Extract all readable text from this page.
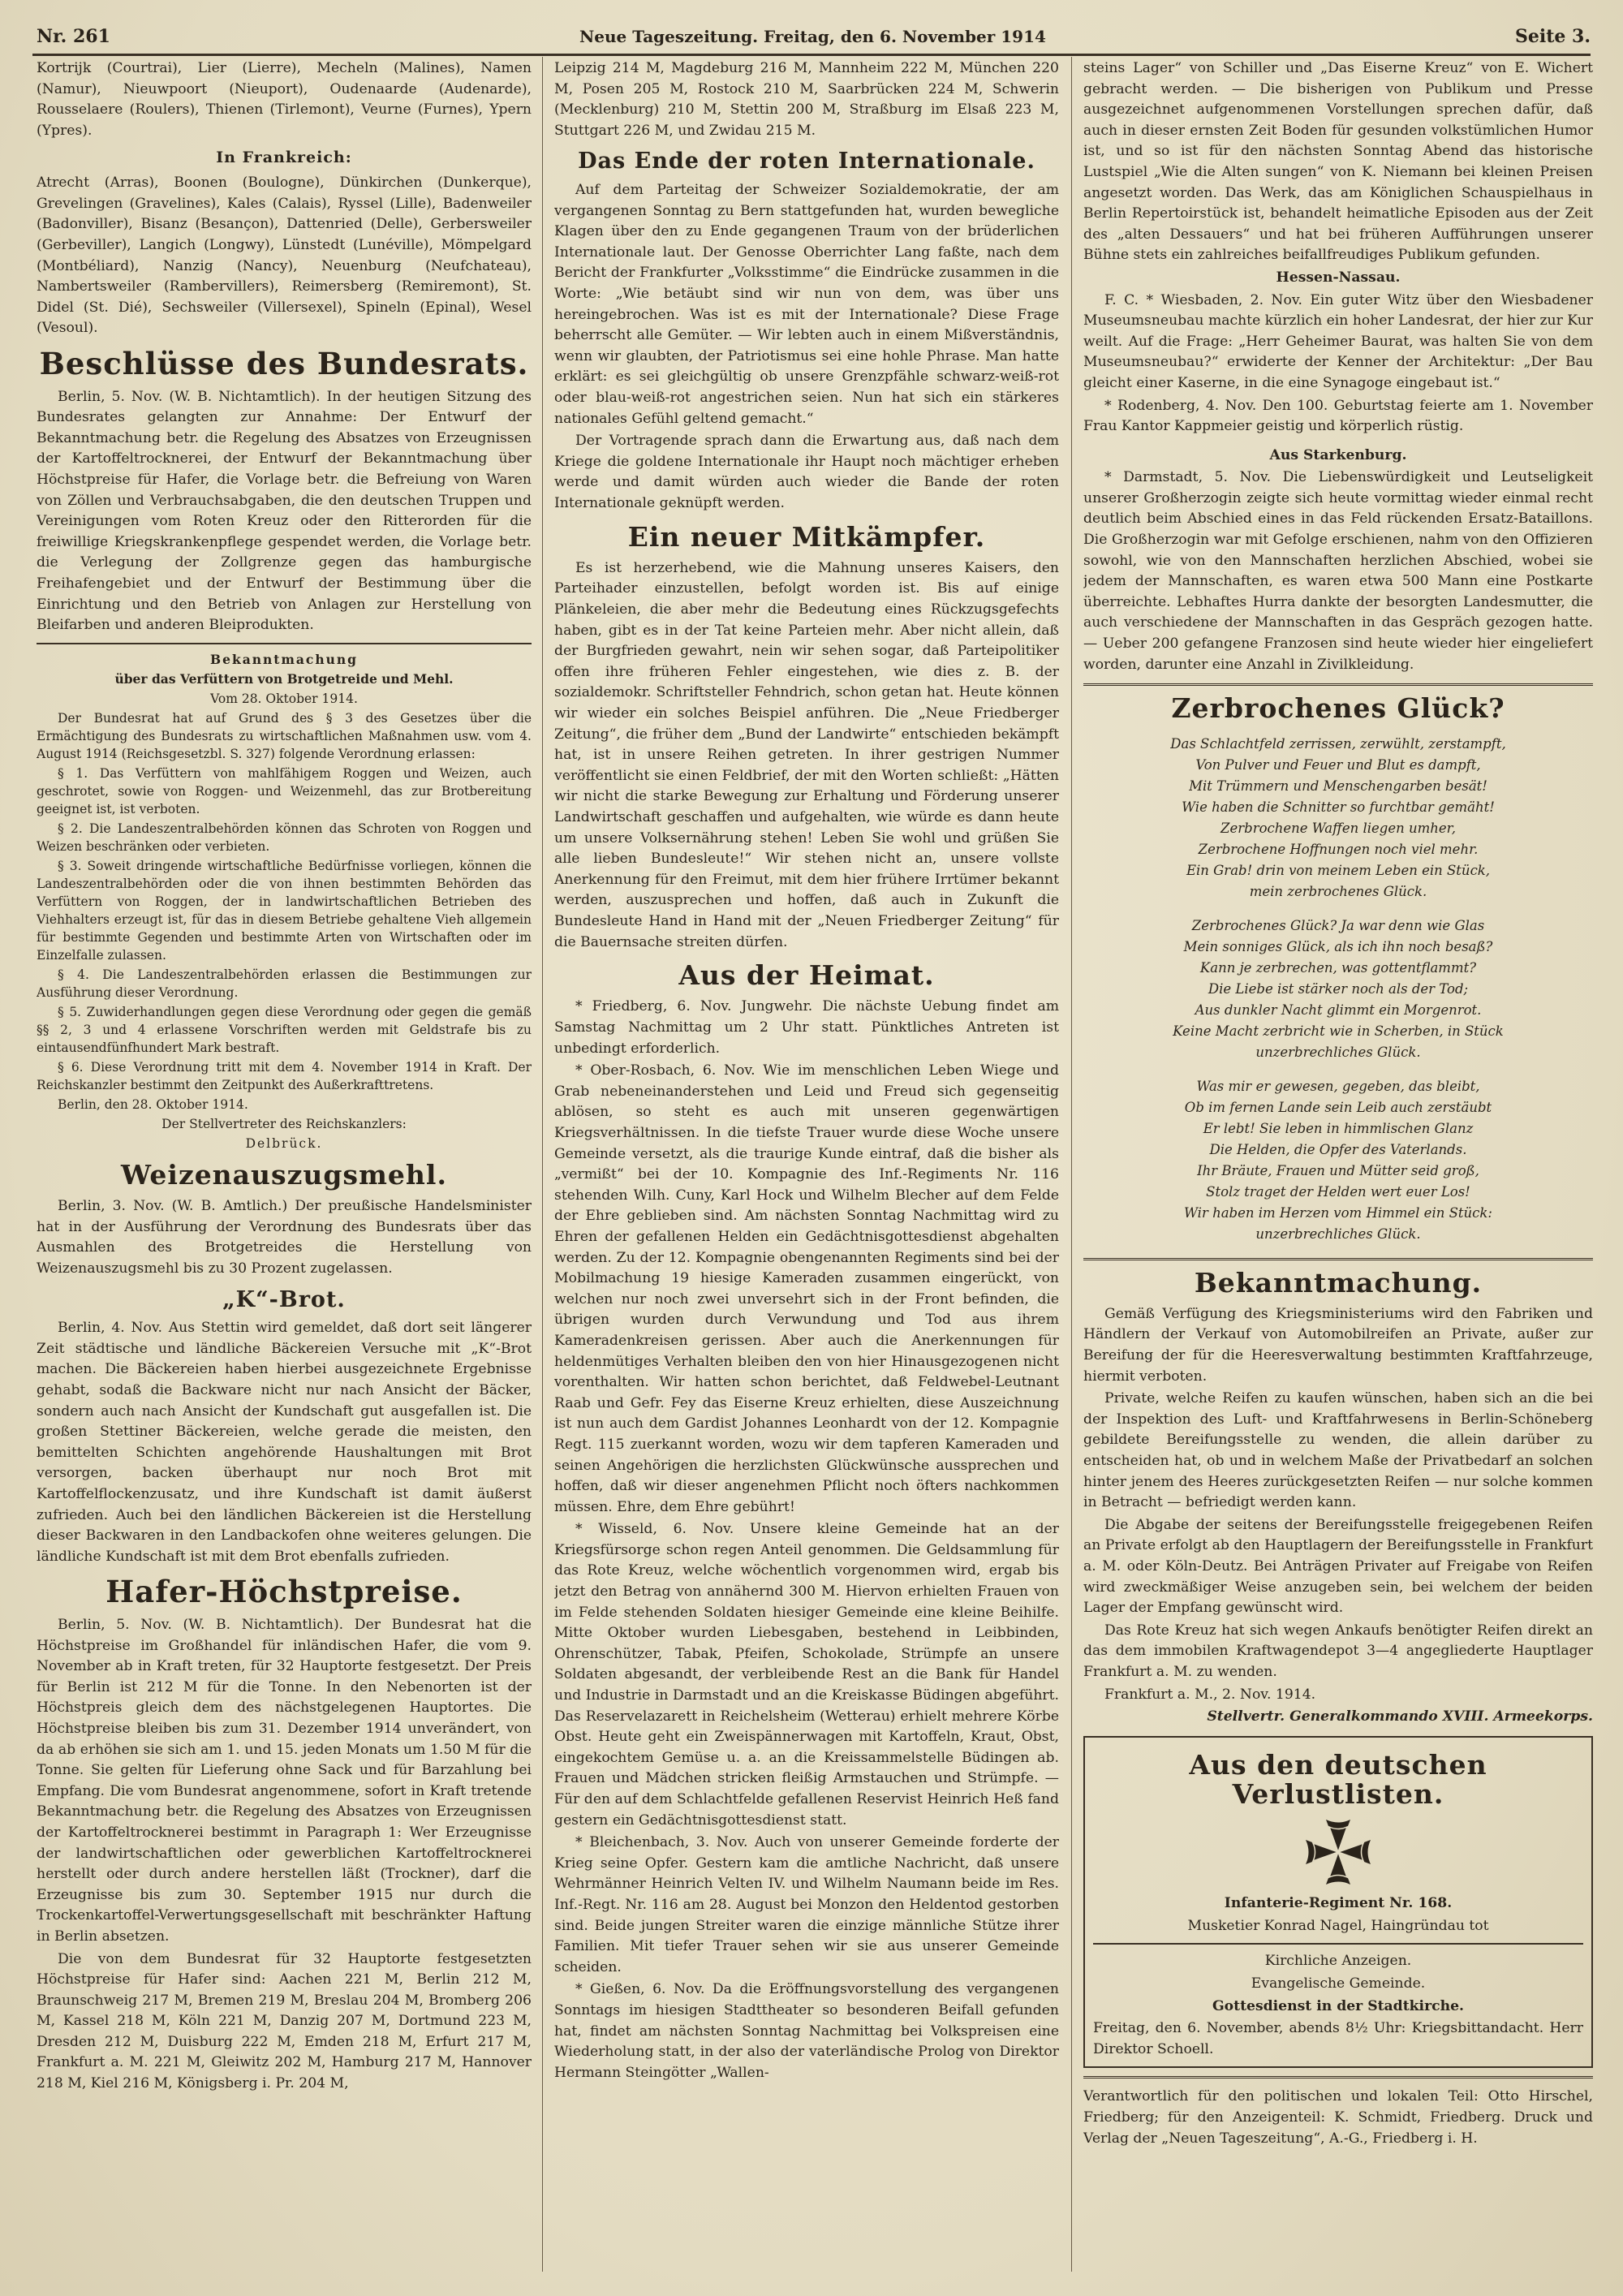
Nr. 261	Neue Tageszeitung. Freitag, den 6. November 1914	Seite 3.

Kortrijk (Courtrai), Lier (Lierre), Mecheln (Malines), Namen (Namur), Nieuwpoort (Nieuport), Oudenaarde (Audenarde), Rousselaere (Roulers), Thienen (Tirlemont), Veurne (Furnes), Ypern (Ypres).

In Frankreich:

Atrecht (Arras), Boonen (Boulogne), Dünkirchen (Dunkerque), Grevelingen (Gravelines), Kales (Calais), Ryssel (Lille), Badenweiler (Badonviller), Bisanz (Besançon), Dattenried (Delle), Gerbersweiler (Gerbeviller), Langich (Longwy), Lünstedt (Lunéville), Mömpelgard (Montbéliard), Nanzig (Nancy), Neuenburg (Neufchateau), Nambertsweiler (Rambervillers), Reimersberg (Remiremont), St. Didel (St. Dié), Sechsweiler (Villersexel), Spineln (Epinal), Wesel (Vesoul).

Beschlüsse des Bundesrats.

Berlin, 5. Nov. (W. B. Nichtamtlich). In der heutigen Sitzung des Bundesrates gelangten zur Annahme: Der Entwurf der Bekanntmachung betr. die Regelung des Absatzes von Erzeugnissen der Kartoffeltrocknerei, der Entwurf der Bekanntmachung über Höchstpreise für Hafer, die Vorlage betr. die Befreiung von Waren von Zöllen und Verbrauchsabgaben, die den deutschen Truppen und Vereinigungen vom Roten Kreuz oder den Ritterorden für die freiwillige Kriegskrankenpflege gespendet werden, die Vorlage betr. die Verlegung der Zollgrenze gegen das hamburgische Freihafengebiet und der Entwurf der Bestimmung über die Einrichtung und den Betrieb von Anlagen zur Herstellung von Bleifarben und anderen Bleiprodukten.

Bekanntmachung

über das Verfüttern von Brotgetreide und Mehl.

Vom 28. Oktober 1914.

Der Bundesrat hat auf Grund des § 3 des Gesetzes über die Ermächtigung des Bundesrats zu wirtschaftlichen Maßnahmen usw. vom 4. August 1914 (Reichsgesetzbl. S. 327) folgende Verordnung erlassen:

§ 1. Das Verfüttern von mahlfähigem Roggen und Weizen, auch geschrotet, sowie von Roggen- und Weizenmehl, das zur Brotbereitung geeignet ist, ist verboten.

§ 2. Die Landeszentralbehörden können das Schroten von Roggen und Weizen beschränken oder verbieten.

§ 3. Soweit dringende wirtschaftliche Bedürfnisse vorliegen, können die Landeszentralbehörden oder die von ihnen bestimmten Behörden das Verfüttern von Roggen, der in landwirtschaftlichen Betrieben des Viehhalters erzeugt ist, für das in diesem Betriebe gehaltene Vieh allgemein für bestimmte Gegenden und bestimmte Arten von Wirtschaften oder im Einzelfalle zulassen.

§ 4. Die Landeszentralbehörden erlassen die Bestimmungen zur Ausführung dieser Verordnung.

§ 5. Zuwiderhandlungen gegen diese Verordnung oder gegen die gemäß §§ 2, 3 und 4 erlassene Vorschriften werden mit Geldstrafe bis zu eintausendfünfhundert Mark bestraft.

§ 6. Diese Verordnung tritt mit dem 4. November 1914 in Kraft. Der Reichskanzler bestimmt den Zeitpunkt des Außerkrafttretens.

Berlin, den 28. Oktober 1914.

Der Stellvertreter des Reichskanzlers:

Delbrück.

Weizenauszugsmehl.

Berlin, 3. Nov. (W. B. Amtlich.) Der preußische Handelsminister hat in der Ausführung der Verordnung des Bundesrats über das Ausmahlen des Brotgetreides die Herstellung von Weizenauszugsmehl bis zu 30 Prozent zugelassen.

„K“-Brot.

Berlin, 4. Nov. Aus Stettin wird gemeldet, daß dort seit längerer Zeit städtische und ländliche Bäckereien Versuche mit „K“-Brot machen. Die Bäckereien haben hierbei ausgezeichnete Ergebnisse gehabt, sodaß die Backware nicht nur nach Ansicht der Bäcker, sondern auch nach Ansicht der Kundschaft gut ausgefallen ist. Die großen Stettiner Bäckereien, welche gerade die meisten, den bemittelten Schichten angehörende Haushaltungen mit Brot versorgen, backen überhaupt nur noch Brot mit Kartoffelflockenzusatz, und ihre Kundschaft ist damit äußerst zufrieden. Auch bei den ländlichen Bäckereien ist die Herstellung dieser Backwaren in den Landbackofen ohne weiteres gelungen. Die ländliche Kundschaft ist mit dem Brot ebenfalls zufrieden.

Hafer-Höchstpreise.

Berlin, 5. Nov. (W. B. Nichtamtlich). Der Bundesrat hat die Höchstpreise im Großhandel für inländischen Hafer, die vom 9. November ab in Kraft treten, für 32 Hauptorte festgesetzt. Der Preis für Berlin ist 212 M für die Tonne. In den Nebenorten ist der Höchstpreis gleich dem des nächstgelegenen Hauptortes. Die Höchstpreise bleiben bis zum 31. Dezember 1914 unverändert, von da ab erhöhen sie sich am 1. und 15. jeden Monats um 1.50 M für die Tonne. Sie gelten für Lieferung ohne Sack und für Barzahlung bei Empfang. Die vom Bundesrat angenommene, sofort in Kraft tretende Bekanntmachung betr. die Regelung des Absatzes von Erzeugnissen der Kartoffeltrocknerei bestimmt in Paragraph 1: Wer Erzeugnisse der landwirtschaftlichen oder gewerblichen Kartoffeltrocknerei herstellt oder durch andere herstellen läßt (Trockner), darf die Erzeugnisse bis zum 30. September 1915 nur durch die Trockenkartoffel-Verwertungsgesellschaft mit beschränkter Haftung in Berlin absetzen.

Die von dem Bundesrat für 32 Hauptorte festgesetzten Höchstpreise für Hafer sind: Aachen 221 M, Berlin 212 M, Braunschweig 217 M, Bremen 219 M, Breslau 204 M, Bromberg 206 M, Kassel 218 M, Köln 221 M, Danzig 207 M, Dortmund 223 M, Dresden 212 M, Duisburg 222 M, Emden 218 M, Erfurt 217 M, Frankfurt a. M. 221 M, Gleiwitz 202 M, Hamburg 217 M, Hannover 218 M, Kiel 216 M, Königsberg i. Pr. 204 M,

Leipzig 214 M, Magdeburg 216 M, Mannheim 222 M, München 220 M, Posen 205 M, Rostock 210 M, Saarbrücken 224 M, Schwerin (Mecklenburg) 210 M, Stettin 200 M, Straßburg im Elsaß 223 M, Stuttgart 226 M, und Zwidau 215 M.

Das Ende der roten Internationale.

Auf dem Parteitag der Schweizer Sozialdemokratie, der am vergangenen Sonntag zu Bern stattgefunden hat, wurden bewegliche Klagen über den zu Ende gegangenen Traum von der brüderlichen Internationale laut. Der Genosse Oberrichter Lang faßte, nach dem Bericht der Frankfurter „Volksstimme“ die Eindrücke zusammen in die Worte: „Wie betäubt sind wir nun von dem, was über uns hereingebrochen. Was ist es mit der Internationale? Diese Frage beherrscht alle Gemüter. — Wir lebten auch in einem Mißverständnis, wenn wir glaubten, der Patriotismus sei eine hohle Phrase. Man hatte erklärt: es sei gleichgültig ob unsere Grenzpfähle schwarz-weiß-rot oder blau-weiß-rot angestrichen seien. Nun hat sich ein stärkeres nationales Gefühl geltend gemacht.“

Der Vortragende sprach dann die Erwartung aus, daß nach dem Kriege die goldene Internationale ihr Haupt noch mächtiger erheben werde und damit würden auch wieder die Bande der roten Internationale geknüpft werden.

Ein neuer Mitkämpfer.

Es ist herzerhebend, wie die Mahnung unseres Kaisers, den Parteihader einzustellen, befolgt worden ist. Bis auf einige Plänkeleien, die aber mehr die Bedeutung eines Rückzugsgefechts haben, gibt es in der Tat keine Parteien mehr. Aber nicht allein, daß der Burgfrieden gewahrt, nein wir sehen sogar, daß Parteipolitiker offen ihre früheren Fehler eingestehen, wie dies z. B. der sozialdemokr. Schriftsteller Fehndrich, schon getan hat. Heute können wir wieder ein solches Beispiel anführen. Die „Neue Friedberger Zeitung“, die früher dem „Bund der Landwirte“ entschieden bekämpft hat, ist in unsere Reihen getreten. In ihrer gestrigen Nummer veröffentlicht sie einen Feldbrief, der mit den Worten schließt: „Hätten wir nicht die starke Bewegung zur Erhaltung und Förderung unserer Landwirtschaft geschaffen und aufgehalten, wie würde es dann heute um unsere Volksernährung stehen! Leben Sie wohl und grüßen Sie alle lieben Bundesleute!“ Wir stehen nicht an, unsere vollste Anerkennung für den Freimut, mit dem hier frühere Irrtümer bekannt werden, auszusprechen und hoffen, daß auch in Zukunft die Bundesleute Hand in Hand mit der „Neuen Friedberger Zeitung“ für die Bauernsache streiten dürfen.

Aus der Heimat.

* Friedberg, 6. Nov. Jungwehr. Die nächste Uebung findet am Samstag Nachmittag um 2 Uhr statt. Pünktliches Antreten ist unbedingt erforderlich.

* Ober-Rosbach, 6. Nov. Wie im menschlichen Leben Wiege und Grab nebeneinanderstehen und Leid und Freud sich gegenseitig ablösen, so steht es auch mit unseren gegenwärtigen Kriegsverhältnissen. In die tiefste Trauer wurde diese Woche unsere Gemeinde versetzt, als die traurige Kunde eintraf, daß die bisher als „vermißt“ bei der 10. Kompagnie des Inf.-Regiments Nr. 116 stehenden Wilh. Cuny, Karl Hock und Wilhelm Blecher auf dem Felde der Ehre geblieben sind. Am nächsten Sonntag Nachmittag wird zu Ehren der gefallenen Helden ein Gedächtnisgottesdienst abgehalten werden. Zu der 12. Kompagnie obengenannten Regiments sind bei der Mobilmachung 19 hiesige Kameraden zusammen eingerückt, von welchen nur noch zwei unversehrt sich in der Front befinden, die übrigen wurden durch Verwundung und Tod aus ihrem Kameradenkreisen gerissen. Aber auch die Anerkennungen für heldenmütiges Verhalten bleiben den von hier Hinausgezogenen nicht vorenthalten. Wir hatten schon berichtet, daß Feldwebel-Leutnant Raab und Gefr. Fey das Eiserne Kreuz erhielten, diese Auszeichnung ist nun auch dem Gardist Johannes Leonhardt von der 12. Kompagnie Regt. 115 zuerkannt worden, wozu wir dem tapferen Kameraden und seinen Angehörigen die herzlichsten Glückwünsche aussprechen und hoffen, daß wir dieser angenehmen Pflicht noch öfters nachkommen müssen. Ehre, dem Ehre gebührt!

* Wisseld, 6. Nov. Unsere kleine Gemeinde hat an der Kriegsfürsorge schon regen Anteil genommen. Die Geldsammlung für das Rote Kreuz, welche wöchentlich vorgenommen wird, ergab bis jetzt den Betrag von annähernd 300 M. Hiervon erhielten Frauen von im Felde stehenden Soldaten hiesiger Gemeinde eine kleine Beihilfe. Mitte Oktober wurden Liebesgaben, bestehend in Leibbinden, Ohrenschützer, Tabak, Pfeifen, Schokolade, Strümpfe an unsere Soldaten abgesandt, der verbleibende Rest an die Bank für Handel und Industrie in Darmstadt und an die Kreiskasse Büdingen abgeführt. Das Reservelazarett in Reichelsheim (Wetterau) erhielt mehrere Körbe Obst. Heute geht ein Zweispännerwagen mit Kartoffeln, Kraut, Obst, eingekochtem Gemüse u. a. an die Kreissammelstelle Büdingen ab. Frauen und Mädchen stricken fleißig Armstauchen und Strümpfe. — Für den auf dem Schlachtfelde gefallenen Reservist Heinrich Heß fand gestern ein Gedächtnisgottesdienst statt.

* Bleichenbach, 3. Nov. Auch von unserer Gemeinde forderte der Krieg seine Opfer. Gestern kam die amtliche Nachricht, daß unsere Wehrmänner Heinrich Velten IV. und Wilhelm Naumann beide im Res. Inf.-Regt. Nr. 116 am 28. August bei Monzon den Heldentod gestorben sind. Beide jungen Streiter waren die einzige männliche Stütze ihrer Familien. Mit tiefer Trauer sehen wir sie aus unserer Gemeinde scheiden.

* Gießen, 6. Nov. Da die Eröffnungsvorstellung des vergangenen Sonntags im hiesigen Stadttheater so besonderen Beifall gefunden hat, findet am nächsten Sonntag Nachmittag bei Volkspreisen eine Wiederholung statt, in der also der vaterländische Prolog von Direktor Hermann Steingötter „Wallen-

steins Lager“ von Schiller und „Das Eiserne Kreuz“ von E. Wichert gebracht werden. — Die bisherigen von Publikum und Presse ausgezeichnet aufgenommenen Vorstellungen sprechen dafür, daß auch in dieser ernsten Zeit Boden für gesunden volkstümlichen Humor ist, und so ist für den nächsten Sonntag Abend das historische Lustspiel „Wie die Alten sungen“ von K. Niemann bei kleinen Preisen angesetzt worden. Das Werk, das am Königlichen Schauspielhaus in Berlin Repertoirstück ist, behandelt heimatliche Episoden aus der Zeit des „alten Dessauers“ und hat bei früheren Aufführungen unserer Bühne stets ein zahlreiches beifallfreudiges Publikum gefunden.

Hessen-Nassau.

F. C. * Wiesbaden, 2. Nov. Ein guter Witz über den Wiesbadener Museumsneubau machte kürzlich ein hoher Landesrat, der hier zur Kur weilt. Auf die Frage: „Herr Geheimer Baurat, was halten Sie von dem Museumsneubau?“ erwiderte der Kenner der Architektur: „Der Bau gleicht einer Kaserne, in die eine Synagoge eingebaut ist.“

* Rodenberg, 4. Nov. Den 100. Geburtstag feierte am 1. November Frau Kantor Kappmeier geistig und körperlich rüstig.

Aus Starkenburg.

* Darmstadt, 5. Nov. Die Liebenswürdigkeit und Leutseligkeit unserer Großherzogin zeigte sich heute vormittag wieder einmal recht deutlich beim Abschied eines in das Feld rückenden Ersatz-Bataillons. Die Großherzogin war mit Gefolge erschienen, nahm von den Offizieren sowohl, wie von den Mannschaften herzlichen Abschied, wobei sie jedem der Mannschaften, es waren etwa 500 Mann eine Postkarte überreichte. Lebhaftes Hurra dankte der besorgten Landesmutter, die auch verschiedene der Mannschaften in das Gespräch gezogen hatte. — Ueber 200 gefangene Franzosen sind heute wieder hier eingeliefert worden, darunter eine Anzahl in Zivilkleidung.

Zerbrochenes Glück?
Das Schlachtfeld zerrissen, zerwühlt, zerstampft,
Von Pulver und Feuer und Blut es dampft,
Mit Trümmern und Menschengarben besät!
Wie haben die Schnitter so furchtbar gemäht!
Zerbrochene Waffen liegen umher,
Zerbrochene Hoffnungen noch viel mehr.
Ein Grab! drin von meinem Leben ein Stück,
mein zerbrochenes Glück.
Zerbrochenes Glück? Ja war denn wie Glas
Mein sonniges Glück, als ich ihn noch besaß?
Kann je zerbrechen, was gottentflammt?
Die Liebe ist stärker noch als der Tod;
Aus dunkler Nacht glimmt ein Morgenrot.
Keine Macht zerbricht wie in Scherben, in Stück
unzerbrechliches Glück.
Was mir er gewesen, gegeben, das bleibt,
Ob im fernen Lande sein Leib auch zerstäubt
Er lebt! Sie leben in himmlischen Glanz
Die Helden, die Opfer des Vaterlands.
Ihr Bräute, Frauen und Mütter seid groß,
Stolz traget der Helden wert euer Los!
Wir haben im Herzen vom Himmel ein Stück:
unzerbrechliches Glück.
Bekanntmachung.

Gemäß Verfügung des Kriegsministeriums wird den Fabriken und Händlern der Verkauf von Automobilreifen an Private, außer zur Bereifung der für die Heeresverwaltung bestimmten Kraftfahrzeuge, hiermit verboten.

Private, welche Reifen zu kaufen wünschen, haben sich an die bei der Inspektion des Luft- und Kraftfahrwesens in Berlin-Schöneberg gebildete Bereifungsstelle zu wenden, die allein darüber zu entscheiden hat, ob und in welchem Maße der Privatbedarf an solchen hinter jenem des Heeres zurückgesetzten Reifen — nur solche kommen in Betracht — befriedigt werden kann.

Die Abgabe der seitens der Bereifungsstelle freigegebenen Reifen an Private erfolgt ab den Hauptlagern der Bereifungsstelle in Frankfurt a. M. oder Köln-Deutz. Bei Anträgen Privater auf Freigabe von Reifen wird zweckmäßiger Weise anzugeben sein, bei welchem der beiden Lager der Empfang gewünscht wird.

Das Rote Kreuz hat sich wegen Ankaufs benötigter Reifen direkt an das dem immobilen Kraftwagendepot 3—4 angegliederte Hauptlager Frankfurt a. M. zu wenden.

Frankfurt a. M., 2. Nov. 1914.

Stellvertr. Generalkommando XVIII. Armeekorps.

Aus den deutschen Verlustlisten.

Infanterie-Regiment Nr. 168.

Musketier Konrad Nagel, Haingründau tot

Kirchliche Anzeigen.

Evangelische Gemeinde.

Gottesdienst in der Stadtkirche.

Freitag, den 6. November, abends 8½ Uhr: Kriegsbittandacht. Herr Direktor Schoell.

Verantwortlich für den politischen und lokalen Teil: Otto Hirschel, Friedberg; für den Anzeigenteil: K. Schmidt, Friedberg. Druck und Verlag der „Neuen Tageszeitung“, A.-G., Friedberg i. H.
